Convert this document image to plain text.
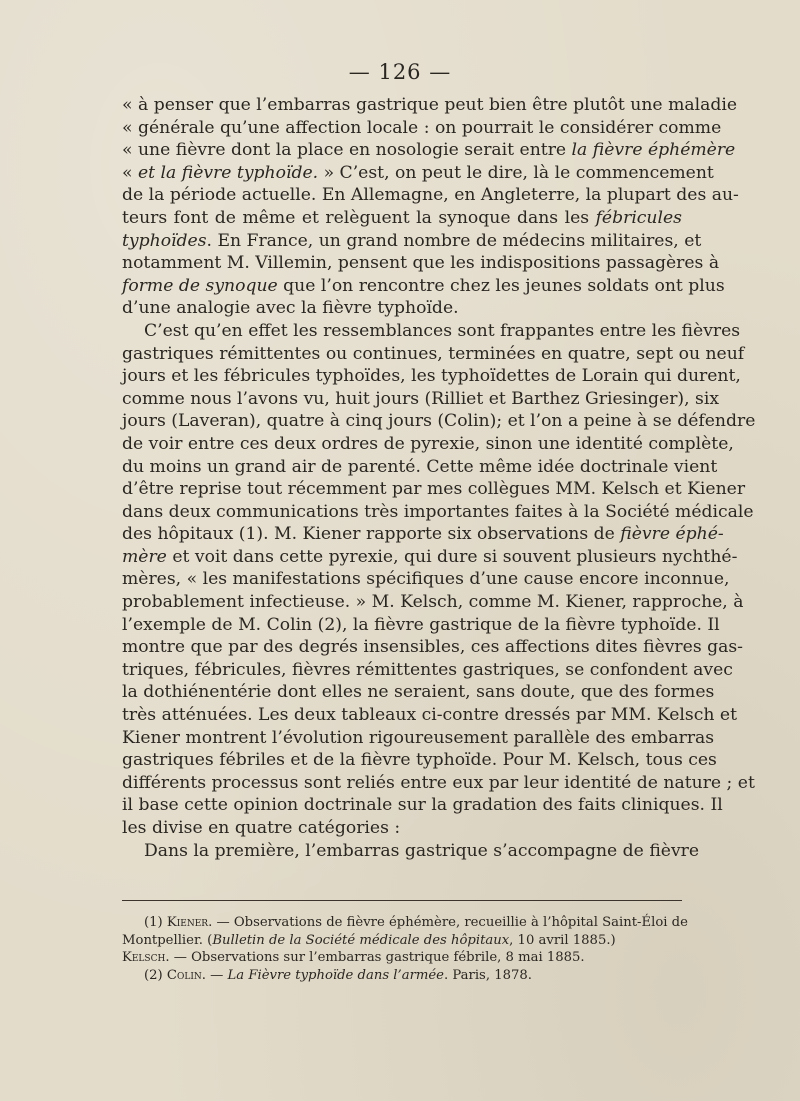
— 126 —
« à penser que l’embarras gastrique peut bien être plutôt une maladie
« générale qu’une affection locale : on pourrait le considérer comme
« une fièvre dont la place en nosologie serait entre la fièvre éphémère
« et la fièvre typhoïde. » C’est, on peut le dire, là le commencement
de la période actuelle. En Allemagne, en Angleterre, la plupart des au-
teurs font de même et relèguent la synoque dans les fébricules
typhoïdes. En France, un grand nombre de médecins militaires, et
notamment M. Villemin, pensent que les indispositions passagères à
forme de synoque que l’on rencontre chez les jeunes soldats ont plus
d’une analogie avec la fièvre typhoïde.
C’est qu’en effet les ressemblances sont frappantes entre les fièvres
gastriques rémittentes ou continues, terminées en quatre, sept ou neuf
jours et les fébricules typhoïdes, les typhoïdettes de Lorain qui durent,
comme nous l’avons vu, huit jours (Rilliet et Barthez Griesinger), six
jours (Laveran), quatre à cinq jours (Colin); et l’on a peine à se défendre
de voir entre ces deux ordres de pyrexie, sinon une identité complète,
du moins un grand air de parenté. Cette même idée doctrinale vient
d’être reprise tout récemment par mes collègues MM. Kelsch et Kiener
dans deux communications très importantes faites à la Société médicale
des hôpitaux (1). M. Kiener rapporte six observations de fièvre éphé-
mère et voit dans cette pyrexie, qui dure si souvent plusieurs nychthé-
mères, « les manifestations spécifiques d’une cause encore inconnue,
probablement infectieuse. » M. Kelsch, comme M. Kiener, rapproche, à
l’exemple de M. Colin (2), la fièvre gastrique de la fièvre typhoïde. Il
montre que par des degrés insensibles, ces affections dites fièvres gas-
triques, fébricules, fièvres rémittentes gastriques, se confondent avec
la dothiénentérie dont elles ne seraient, sans doute, que des formes
très atténuées. Les deux tableaux ci-contre dressés par MM. Kelsch et
Kiener montrent l’évolution rigoureusement parallèle des embarras
gastriques fébriles et de la fièvre typhoïde. Pour M. Kelsch, tous ces
différents processus sont reliés entre eux par leur identité de nature ; et
il base cette opinion doctrinale sur la gradation des faits cliniques. Il
les divise en quatre catégories :
Dans la première, l’embarras gastrique s’accompagne de fièvre
(1) Kiener. — Observations de fièvre éphémère, recueillie à l’hôpital Saint-Éloi de
Montpellier. (Bulletin de la Société médicale des hôpitaux, 10 avril 1885.)
Kelsch. — Observations sur l’embarras gastrique fébrile, 8 mai 1885.
(2) Colin. — La Fièvre typhoïde dans l’armée. Paris, 1878.
